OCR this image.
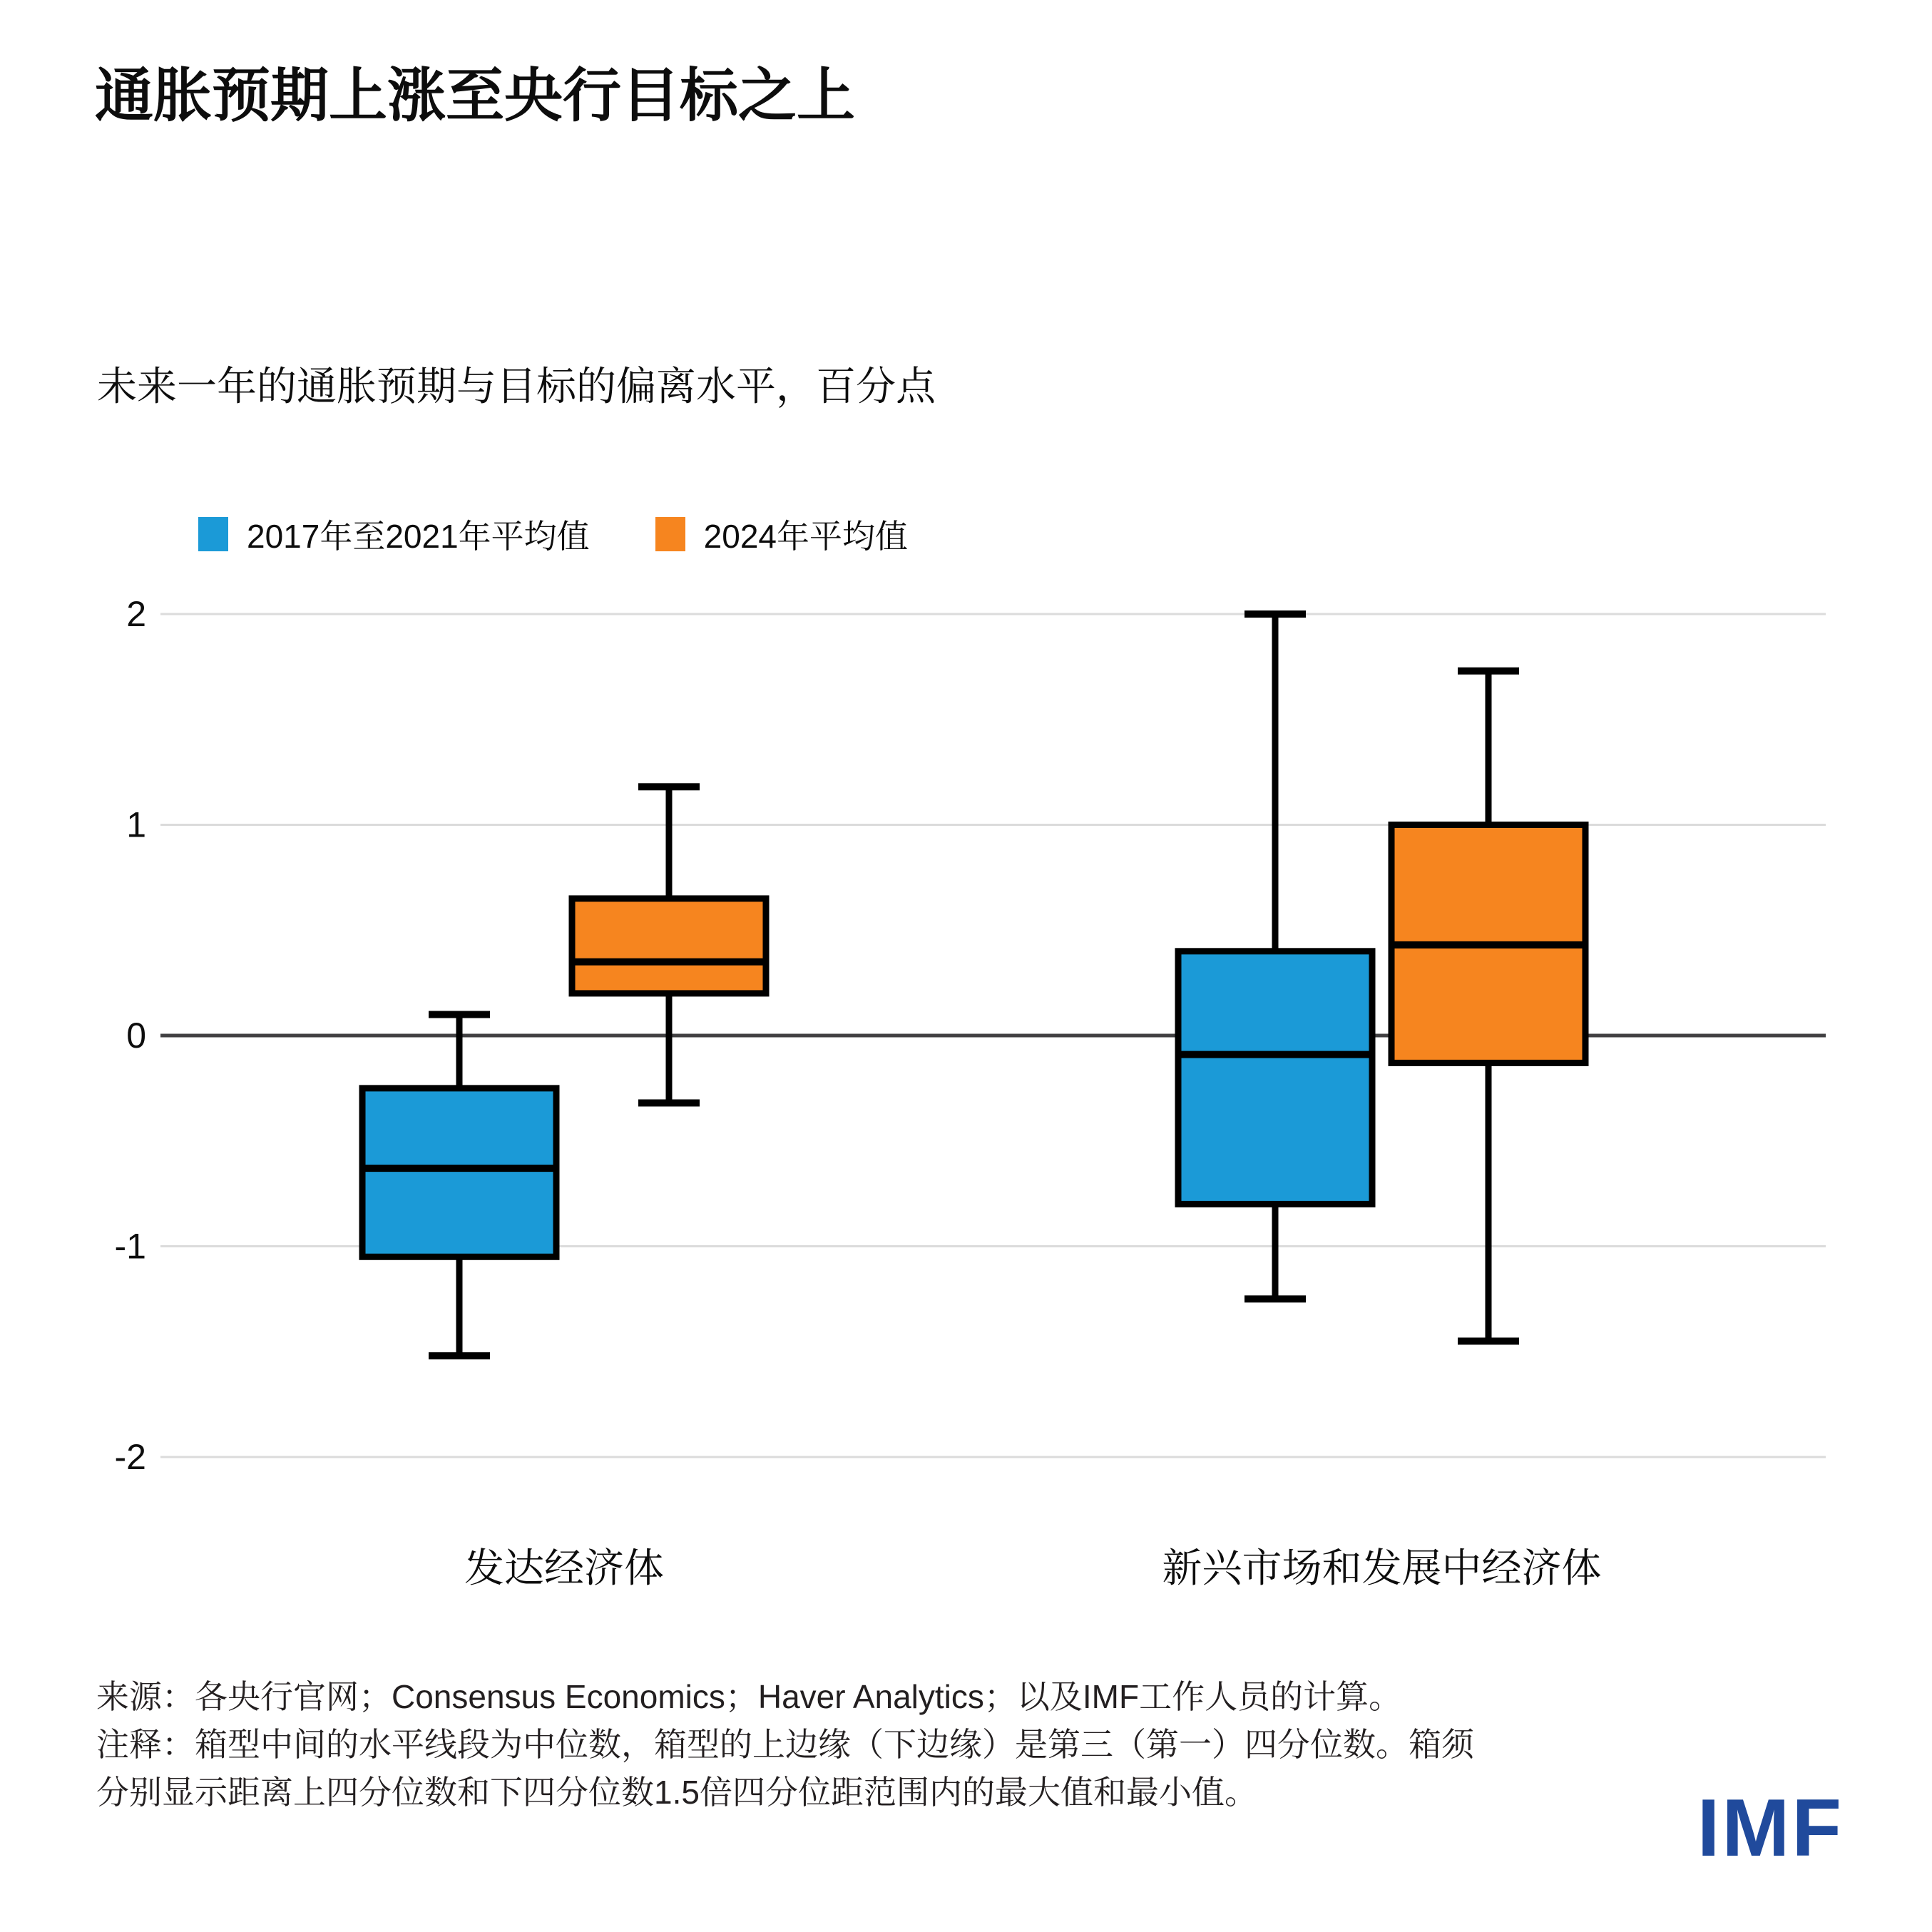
通胀预期上涨至央行目标之上
未来一年的通胀预期与目标的偏离水平，百分点
2017年至2021年平均值	2024年平均值
2
1
0
-1
-2
发达经济体	新兴市场和发展中经济体
来源：各央行官网；Consensus Economics；Haver Analytics；以及IMF工作人员的计算。
注释：箱型中间的水平线段为中位数，箱型的上边缘（下边缘）是第三（第一）四分位数。箱须
分别显示距离上四分位数和下四分位数1.5倍四分位距范围内的最大值和最小值。	IMF
